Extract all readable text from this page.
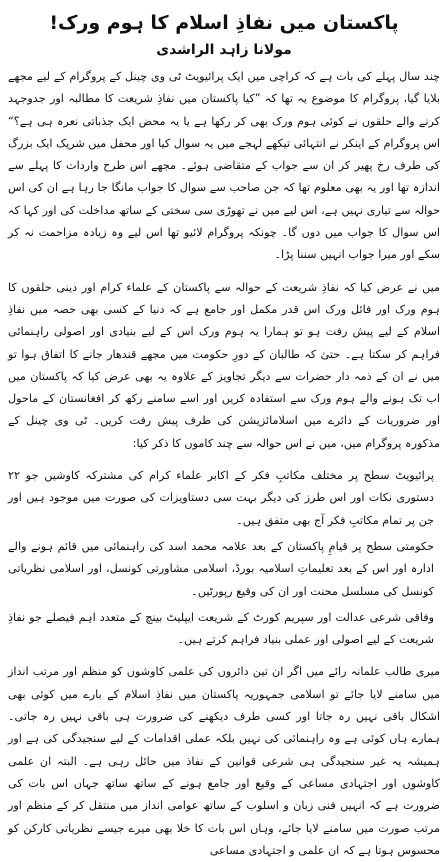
پاکستان میں نفاذِ اسلام کا ہوم ورک!
مولانا زاہد الراشدی

چند سال پہلے کی بات ہے کہ کراچی میں ایک پرائیویٹ ٹی وی چینل کے پروگرام کے لیے مجھے بلایا گیا، پروگرام کا موضوع یہ تھا کہ ”کیا پاکستان میں نفاذِ شریعت کا مطالبہ اور جدوجہد کرنے والے حلقوں نے کوئی ہوم ورک بھی کر رکھا ہے یا یہ محض ایک جذباتی نعرہ ہی ہے؟“ اس پروگرام کے اینکر نے انتہائی تیکھے لہجے میں یہ سوال کیا اور محفل میں شریک ایک بزرگ کی طرف رخ پھیر کر ان سے جواب کے متقاضی ہوئے۔ مجھے اس طرح واردات کا پہلے سے اندازہ تھا اور یہ بھی معلوم تھا کہ جن صاحب سے سوال کا جواب مانگا جا رہا ہے ان کی اس حوالہ سے تیاری نہیں ہے، اس لیے میں نے تھوڑی سی سختی کے ساتھ مداخلت کی اور کہا کہ اس سوال کا جواب میں دوں گا۔ چونکہ پروگرام لائیو تھا اس لیے وہ زیادہ مزاحمت نہ کر سکے اور میرا جواب انہیں سننا پڑا۔

میں نے عرض کیا کہ نفاذِ شریعت کے حوالہ سے پاکستان کے علماء کرام اور دینی حلقوں کا ہوم ورک اور فائل ورک اس قدر مکمل اور جامع ہے کہ دنیا کے کسی بھی حصہ میں نفاذِ اسلام کے لیے پیش رفت ہو تو ہمارا یہ ہوم ورک اس کے لیے بنیادی اور اصولی راہنمائی فراہم کر سکتا ہے۔ حتیٰ کہ طالبان کے دورِ حکومت میں مجھے قندھار جانے کا اتفاق ہوا تو میں نے ان کے ذمہ دار حضرات سے دیگر تجاویز کے علاوہ یہ بھی عرض کیا کہ پاکستان میں اب تک ہونے والے ہوم ورک سے استفادہ کریں اور اسے سامنے رکھ کر افغانستان کے ماحول اور ضروریات کے دائرے میں اسلامائزیشن کی طرف پیش رفت کریں۔ ٹی وی چینل کے مذکورہ پروگرام میں، میں نے اس حوالہ سے چند کاموں کا ذکر کیا:

پرائیویٹ سطح پر مختلف مکاتبِ فکر کے اکابر علماء کرام کی مشترکہ کاوشیں جو ۲۲ دستوری نکات اور اس طرز کی دیگر بہت سی دستاویزات کی صورت میں موجود ہیں اور جن پر تمام مکاتبِ فکر آج بھی متفق ہیں۔

حکومتی سطح پر قیامِ پاکستان کے بعد علامہ محمد اسد کی راہنمائی میں قائم ہونے والے ادارہ اور اس کے بعد تعلیماتِ اسلامیہ بورڈ، اسلامی مشاورتی کونسل، اور اسلامی نظریاتی کونسل کی مسلسل محنت اور ان کی وقیع رپورٹیں۔

وفاقی شرعی عدالت اور سپریم کورٹ کے شریعت ایپلیٹ بینچ کے متعدد اہم فیصلے جو نفاذِ شریعت کے لیے اصولی اور عملی بنیاد فراہم کرتے ہیں۔

میری طالب علمانہ رائے میں اگر ان تین دائروں کی علمی کاوشوں کو منظم اور مرتب انداز میں سامنے لایا جائے تو اسلامی جمہوریہ پاکستان میں نفاذِ اسلام کے بارے میں کوئی بھی اشکال باقی نہیں رہ جاتا اور کسی طرف دیکھنے کی ضرورت ہی باقی نہیں رہ جاتی۔ ہمارے ہاں کوئی ہے وہ راہنمائی کی نہیں بلکہ عملی اقدامات کے لیے سنجیدگی کی ہے اور ہمیشہ یہ غیر سنجیدگی ہی شرعی قوانین کے نفاذ میں حائل رہی ہے۔ البتہ ان علمی کاوشوں اور اجتہادی مساعی کے وقیع اور جامع ہونے کے ساتھ ساتھ جہاں اس بات کی ضرورت ہے کہ انہیں فنی زبان و اسلوب کے ساتھ عوامی انداز میں منتقل کر کے منظم اور مرتب صورت میں سامنے لایا جائے، وہاں اس بات کا خلا بھی میرے جیسے نظریاتی کارکن کو محسوس ہوتا ہے کہ ان علمی و اجتہادی مساعی
